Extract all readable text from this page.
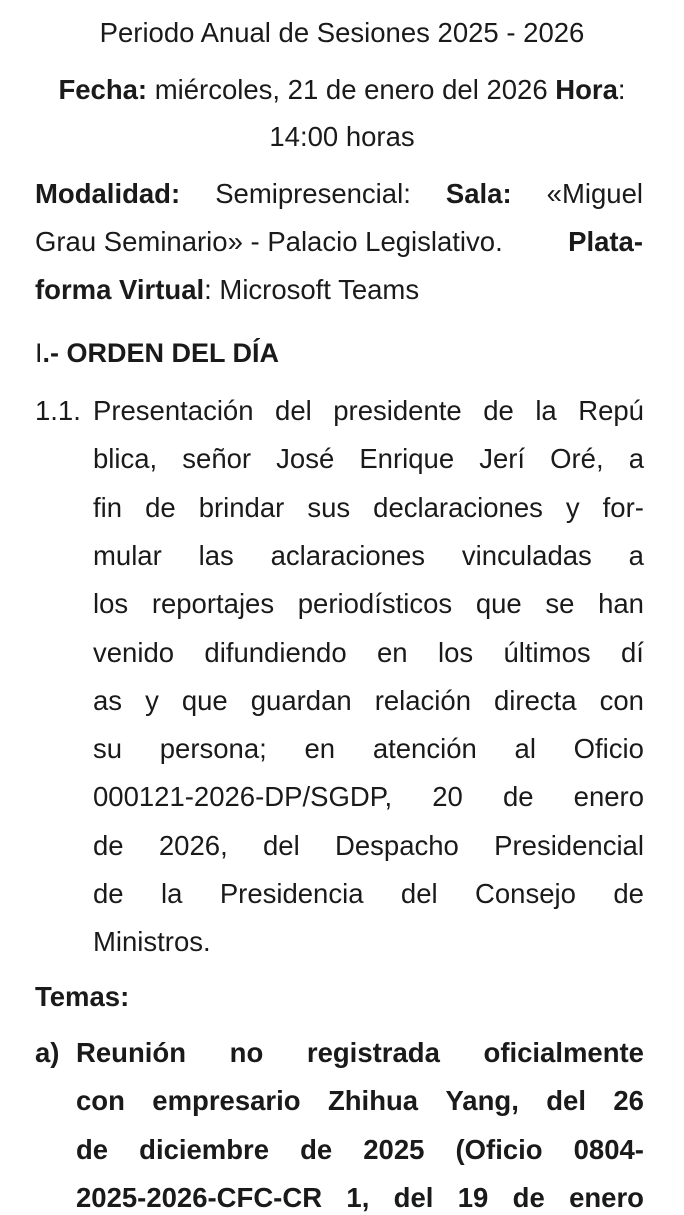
Periodo Anual de Sesiones 2025 - 2026
Fecha: miércoles, 21 de enero del 2026 Hora:
14:00 horas
Modalidad: Semipresencial: Sala: «Miguel
Grau Seminario» - Palacio Legislativo. Plata-
forma Virtual: Microsoft Teams
I.- ORDEN DEL DÍA
1.1. Presentación del presidente de la Repú
blica, señor José Enrique Jerí Oré, a
fin de brindar sus declaraciones y for-
mular las aclaraciones vinculadas a
los reportajes periodísticos que se han
venido difundiendo en los últimos dí
as y que guardan relación directa con
su persona; en atención al Oficio
000121-2026-DP/SGDP, 20 de enero
de 2026, del Despacho Presidencial
de la Presidencia del Consejo de
Ministros.
Temas:
a) Reunión no registrada oficialmente
con empresario Zhihua Yang, del 26
de diciembre de 2025 (Oficio 0804-
2025-2026-CFC-CR 1, del 19 de enero
